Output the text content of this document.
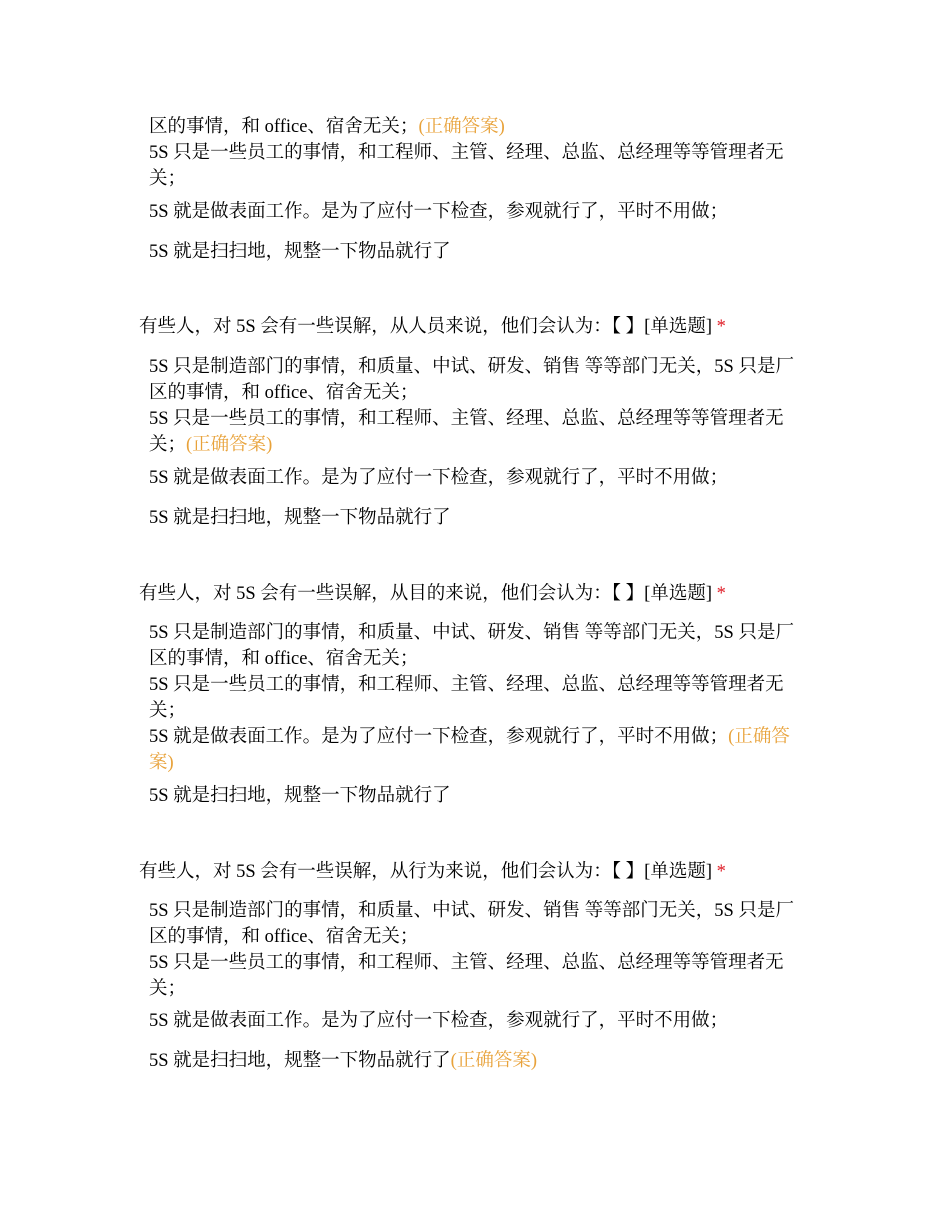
区的事情，和 office、宿舍无关；(正确答案)

5S 只是一些员工的事情，和工程师、主管、经理、总监、总经理等等管理者无关；

5S 就是做表面工作。是为了应付一下检查，参观就行了，平时不用做；

5S 就是扫扫地，规整一下物品就行了

有些人，对 5S 会有一些误解，从人员来说，他们会认为：【 】[单选题] *

5S 只是制造部门的事情，和质量、中试、研发、销售 等等部门无关，5S 只是厂区的事情，和 office、宿舍无关；

5S 只是一些员工的事情，和工程师、主管、经理、总监、总经理等等管理者无关；(正确答案)

5S 就是做表面工作。是为了应付一下检查，参观就行了，平时不用做；

5S 就是扫扫地，规整一下物品就行了

有些人，对 5S 会有一些误解，从目的来说，他们会认为：【 】[单选题] *

5S 只是制造部门的事情，和质量、中试、研发、销售 等等部门无关，5S 只是厂区的事情，和 office、宿舍无关；

5S 只是一些员工的事情，和工程师、主管、经理、总监、总经理等等管理者无关；

5S 就是做表面工作。是为了应付一下检查，参观就行了，平时不用做；(正确答案)

5S 就是扫扫地，规整一下物品就行了

有些人，对 5S 会有一些误解，从行为来说，他们会认为：【 】[单选题] *

5S 只是制造部门的事情，和质量、中试、研发、销售 等等部门无关，5S 只是厂区的事情，和 office、宿舍无关；

5S 只是一些员工的事情，和工程师、主管、经理、总监、总经理等等管理者无关；

5S 就是做表面工作。是为了应付一下检查，参观就行了，平时不用做；

5S 就是扫扫地，规整一下物品就行了(正确答案)
